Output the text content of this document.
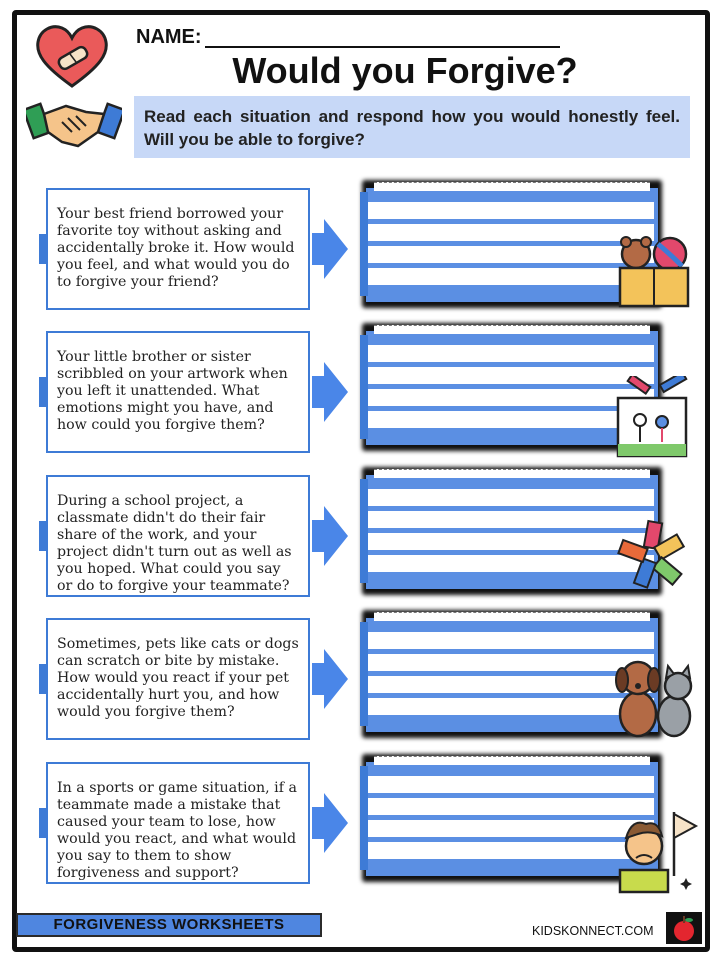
NAME:
Would you Forgive?
Read each situation and respond how you would honestly feel. Will you be able to forgive?
Your best friend borrowed your favorite toy without asking and accidentally broke it. How would you feel, and what would you do to forgive your friend?
Your little brother or sister scribbled on your artwork when you left it unattended. What emotions might you have, and how could you forgive them?
During a school project, a classmate didn't do their fair share of the work, and your project didn't turn out as well as you hoped. What could you say or do to forgive your teammate?
Sometimes, pets like cats or dogs can scratch or bite by mistake. How would you react if your pet accidentally hurt you, and how would you forgive them?
In a sports or game situation, if a teammate made a mistake that caused your team to lose, how would you react, and what would you say to them to show forgiveness and support?
FORGIVENESS WORKSHEETS	KIDSKONNECT.COM
